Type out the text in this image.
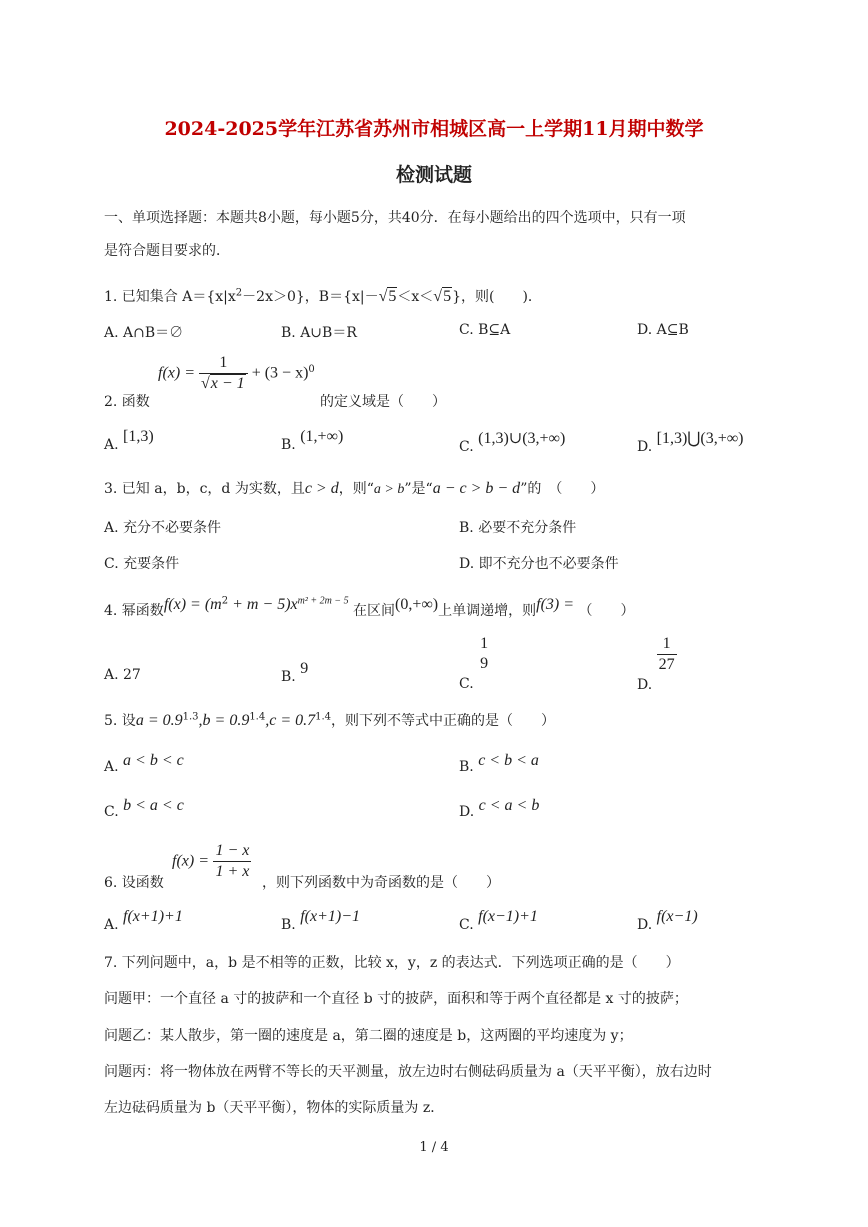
2024-2025学年江苏省苏州市相城区高一上学期11月期中数学
检测试题
一、单项选择题：本题共8小题，每小题5分，共40分．在每小题给出的四个选项中，只有一项
是符合题目要求的．
1. 已知集合 $A=\{x|x^2-2x>0\}$，B＝{x|－√5＜x＜√5}，则(　　)．
A. A∩B＝∅	B. A∪B＝R	C. B⊆A	D. A⊆B
2. 函数
$f(x) = \frac{1}{√x - 1} + (3 - x)^0$
的定义域是（　　）
A. [1,3)	B. (1,+∞)
C. (1,3)∪(3,+∞)	D. [1,3)⋃(3,+∞)
3. 已知 a，b，c，d 为实数，且c > d，则“a > b”是“a − c > b − d”的　（　　）
A. 充分不必要条件	B. 必要不充分条件
C. 充要条件	D. 即不充分也不必要条件
4. 幂函数$f(x) = (m^2 + m - 5)x^{m^2 + 2m - 5}$ 在区间(0,+∞)上单调递增，则f(3) = （　　）
A. 27	B. 9
C.
1
9
D.
$\frac{1}{27}$
5. 设$a = 0.9^{1.3},b = 0.9^{1.4},c = 0.7^{1.4}$，则下列不等式中正确的是（　　）
A. a < b < c	B. c < b < a
C. b < a < c	D. c < a < b
6. 设函数
$f(x) = \frac{1 - x}{1 + x}$
，则下列函数中为奇函数的是（　　）
A. f(x+1)+1	B. f(x+1)−1	C. f(x−1)+1	D. f(x−1)
7. 下列问题中，a，b 是不相等的正数，比较 x，y，z 的表达式．下列选项正确的是（　　）
问题甲：一个直径 a 寸的披萨和一个直径 b 寸的披萨，面积和等于两个直径都是 x 寸的披萨；
问题乙：某人散步，第一圈的速度是 a，第二圈的速度是 b，这两圈的平均速度为 y；
问题丙：将一物体放在两臂不等长的天平测量，放左边时右侧砝码质量为 a（天平平衡），放右边时
左边砝码质量为 b（天平平衡），物体的实际质量为 z．
1 / 4
